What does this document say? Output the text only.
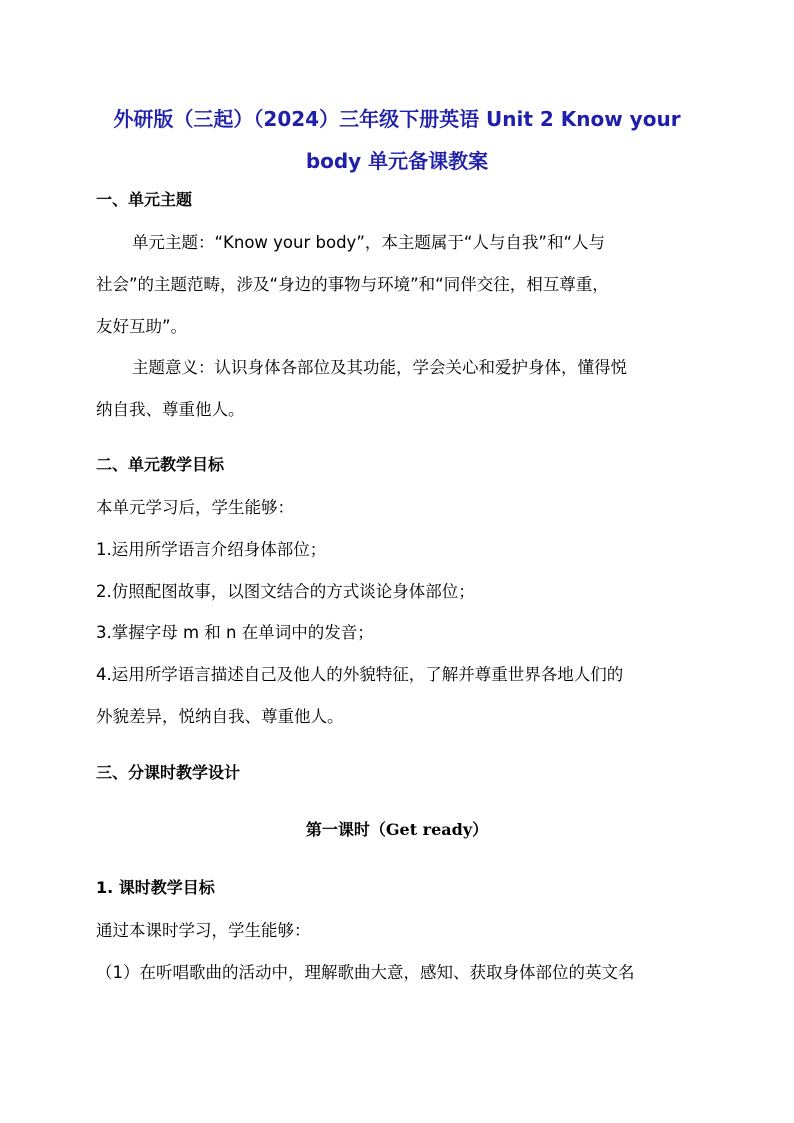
外研版（三起）（2024）三年级下册英语 Unit 2 Know your
body 单元备课教案
一、单元主题
单元主题：“Know your body”，本主题属于“人与自我”和“人与
社会”的主题范畴，涉及“身边的事物与环境”和“同伴交往，相互尊重，
友好互助”。
主题意义：认识身体各部位及其功能，学会关心和爱护身体，懂得悦
纳自我、尊重他人。
二、单元教学目标
本单元学习后，学生能够：
1.运用所学语言介绍身体部位；
2.仿照配图故事，以图文结合的方式谈论身体部位；
3.掌握字母 m 和 n 在单词中的发音；
4.运用所学语言描述自己及他人的外貌特征，了解并尊重世界各地人们的
外貌差异，悦纳自我、尊重他人。
三、分课时教学设计
第一课时（Get ready）
1. 课时教学目标
通过本课时学习，学生能够：
（1）在听唱歌曲的活动中，理解歌曲大意，感知、获取身体部位的英文名
